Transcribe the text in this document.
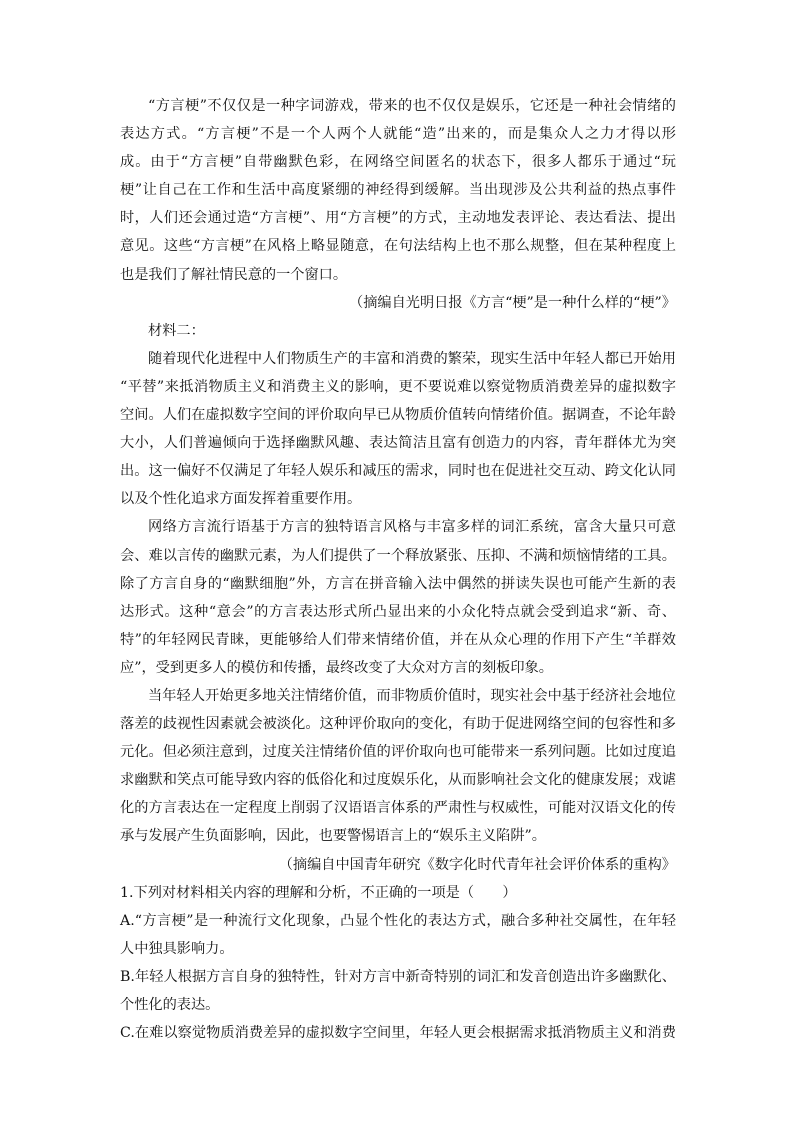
“方言梗”不仅仅是一种字词游戏，带来的也不仅仅是娱乐，它还是一种社会情绪的
表达方式。“方言梗”不是一个人两个人就能“造”出来的，而是集众人之力才得以形
成。由于“方言梗”自带幽默色彩，在网络空间匿名的状态下，很多人都乐于通过“玩
梗”让自己在工作和生活中高度紧绷的神经得到缓解。当出现涉及公共利益的热点事件
时，人们还会通过造“方言梗”、用“方言梗”的方式，主动地发表评论、表达看法、提出
意见。这些“方言梗”在风格上略显随意，在句法结构上也不那么规整，但在某种程度上
也是我们了解社情民意的一个窗口。
（摘编自光明日报《方言“梗”是一种什么样的“梗”》
材料二：
随着现代化进程中人们物质生产的丰富和消费的繁荣，现实生活中年轻人都已开始用
“平替”来抵消物质主义和消费主义的影响，更不要说难以察觉物质消费差异的虚拟数字
空间。人们在虚拟数字空间的评价取向早已从物质价值转向情绪价值。据调查，不论年龄
大小，人们普遍倾向于选择幽默风趣、表达简洁且富有创造力的内容，青年群体尤为突
出。这一偏好不仅满足了年轻人娱乐和减压的需求，同时也在促进社交互动、跨文化认同
以及个性化追求方面发挥着重要作用。
网络方言流行语基于方言的独特语言风格与丰富多样的词汇系统，富含大量只可意
会、难以言传的幽默元素，为人们提供了一个释放紧张、压抑、不满和烦恼情绪的工具。
除了方言自身的“幽默细胞”外，方言在拼音输入法中偶然的拼读失误也可能产生新的表
达形式。这种“意会”的方言表达形式所凸显出来的小众化特点就会受到追求“新、奇、
特”的年轻网民青睐，更能够给人们带来情绪价值，并在从众心理的作用下产生“羊群效
应”，受到更多人的模仿和传播，最终改变了大众对方言的刻板印象。
当年轻人开始更多地关注情绪价值，而非物质价值时，现实社会中基于经济社会地位
落差的歧视性因素就会被淡化。这种评价取向的变化，有助于促进网络空间的包容性和多
元化。但必须注意到，过度关注情绪价值的评价取向也可能带来一系列问题。比如过度追
求幽默和笑点可能导致内容的低俗化和过度娱乐化，从而影响社会文化的健康发展；戏谑
化的方言表达在一定程度上削弱了汉语语言体系的严肃性与权威性，可能对汉语文化的传
承与发展产生负面影响，因此，也要警惕语言上的“娱乐主义陷阱”。
（摘编自中国青年研究《数字化时代青年社会评价体系的重构》
1.下列对材料相关内容的理解和分析，不正确的一项是（　　）
A.“方言梗”是一种流行文化现象，凸显个性化的表达方式，融合多种社交属性，在年轻
人中独具影响力。
B.年轻人根据方言自身的独特性，针对方言中新奇特别的词汇和发音创造出许多幽默化、
个性化的表达。
C.在难以察觉物质消费差异的虚拟数字空间里，年轻人更会根据需求抵消物质主义和消费
